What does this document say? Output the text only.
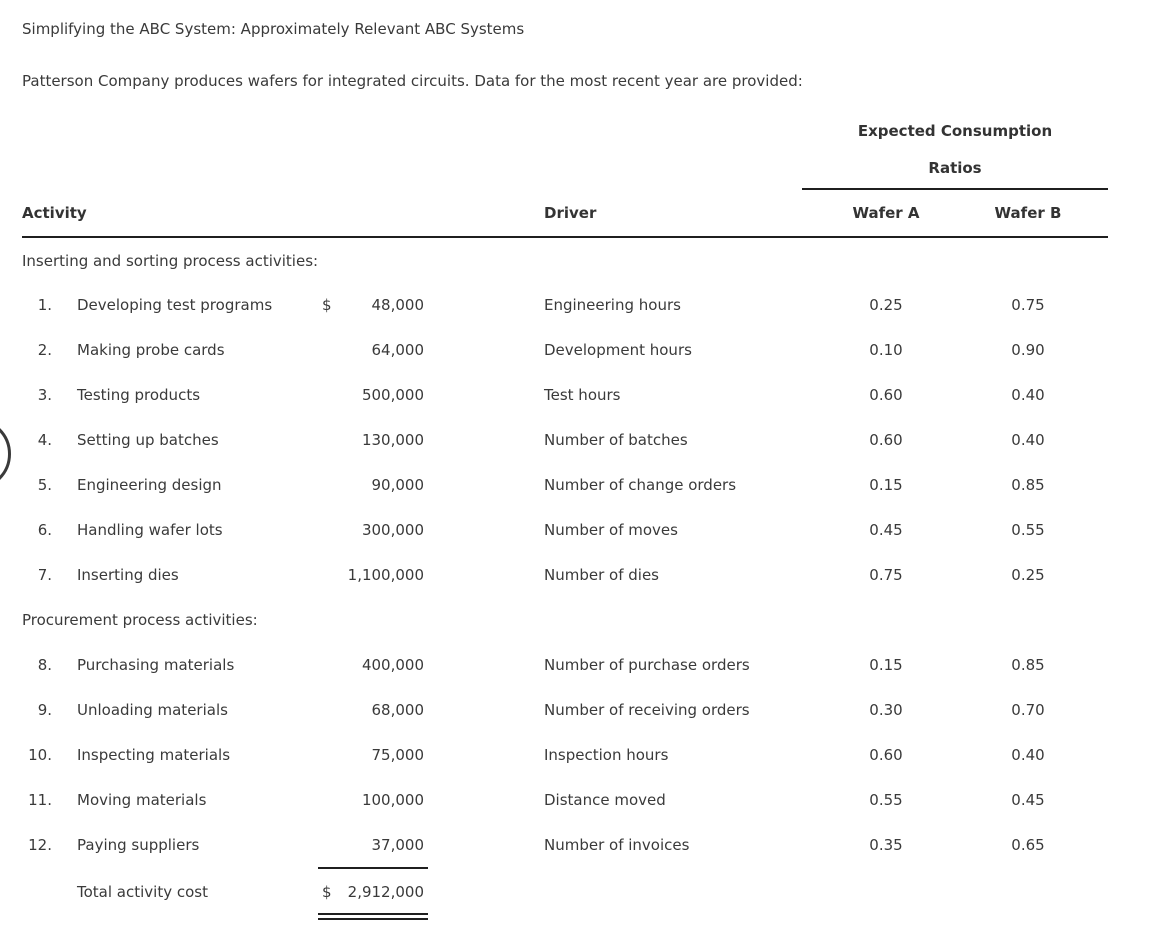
Simplifying the ABC System: Approximately Relevant ABC Systems
Patterson Company produces wafers for integrated circuits. Data for the most recent year are provided:
Expected Consumption
Ratios
Activity	Driver	Wafer A	Wafer B
Inserting and sorting process activities:
1. Developing test programs	$	48,000	Engineering hours	0.25	0.75
2. Making probe cards	64,000	Development hours	0.10	0.90
3. Testing products	500,000	Test hours	0.60	0.40
4. Setting up batches	130,000	Number of batches	0.60	0.40
5. Engineering design	90,000	Number of change orders	0.15	0.85
6. Handling wafer lots	300,000	Number of moves	0.45	0.55
7. Inserting dies	1,100,000	Number of dies	0.75	0.25
Procurement process activities:
8. Purchasing materials	400,000	Number of purchase orders	0.15	0.85
9. Unloading materials	68,000	Number of receiving orders	0.30	0.70
10. Inspecting materials	75,000	Inspection hours	0.60	0.40
11. Moving materials	100,000	Distance moved	0.55	0.45
12. Paying suppliers	37,000	Number of invoices	0.35	0.65
Total activity cost	$	2,912,000
